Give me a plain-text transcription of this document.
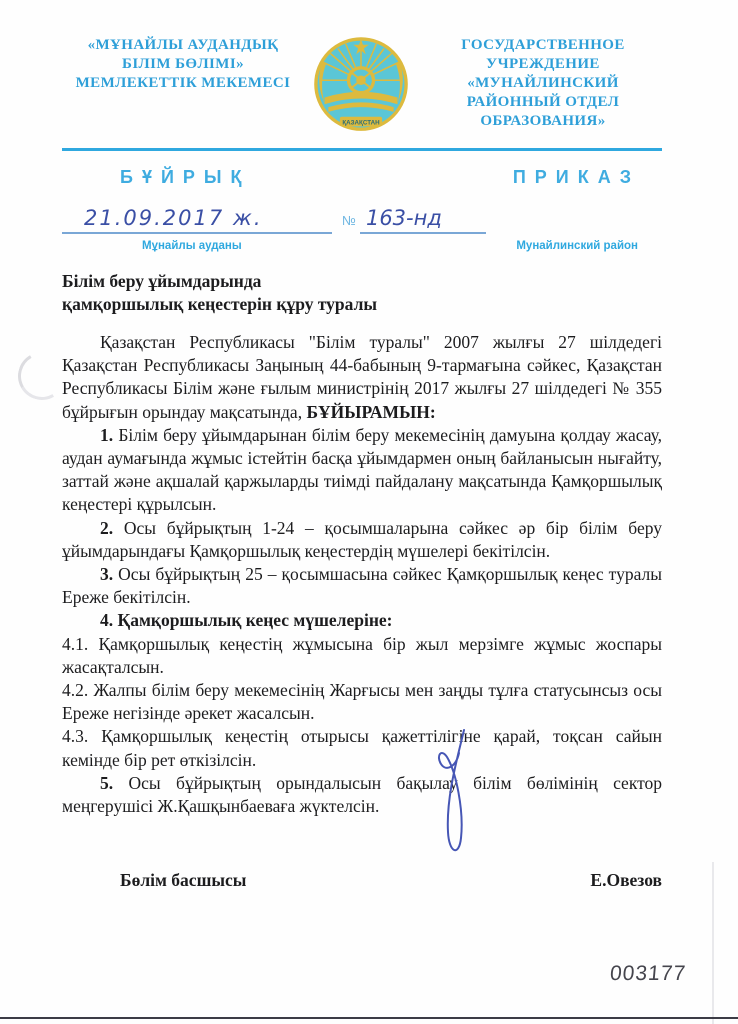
«МҰНАЙЛЫ АУДАНДЫҚ БІЛІМ БӨЛІМІ» МЕМЛЕКЕТТІК МЕКЕМЕСІ
ҚАЗАҚСТАН
ГОСУДАРСТВЕННОЕ УЧРЕЖДЕНИЕ «МУНАЙЛИНСКИЙ РАЙОННЫЙ ОТДЕЛ ОБРАЗОВАНИЯ»
БҰЙРЫҚ	ПРИКАЗ
21.09.2017 ж.	№ 163-нд
Мұнайлы ауданы	Мунайлинский район
Білім беру ұйымдарында
қамқоршылық кеңестерін құру туралы

Қазақстан Республикасы "Білім туралы" 2007 жылғы 27 шілдедегі Қазақстан Республикасы Заңының 44-бабының 9-тармағына сәйкес, Қазақстан Республикасы Білім және ғылым министрінің 2017 жылғы 27 шілдедегі № 355 бұйрығын орындау мақсатында, БҰЙЫРАМЫН:

1. Білім беру ұйымдарынан білім беру мекемесінің дамуына қолдау жасау, аудан аумағында жұмыс істейтін басқа ұйымдармен оның байланысын нығайту, заттай және ақшалай қаржыларды тиімді пайдалану мақсатында Қамқоршылық кеңестері құрылсын.

2. Осы бұйрықтың 1-24 – қосымшаларына сәйкес әр бір білім беру ұйымдарындағы Қамқоршылық кеңестердің мүшелері бекітілсін.

3. Осы бұйрықтың 25 – қосымшасына сәйкес Қамқоршылық кеңес туралы Ереже бекітілсін.

4. Қамқоршылық кеңес мүшелеріне:

4.1. Қамқоршылық кеңестің жұмысына бір жыл мерзімге жұмыс жоспары жасақталсын.

4.2. Жалпы білім беру мекемесінің Жарғысы мен заңды тұлға статусынсыз осы Ереже негізінде әрекет жасалсын.

4.3. Қамқоршылық кеңестің отырысы қажеттілігіне қарай, тоқсан сайын кемінде бір рет өткізілсін.

5. Осы бұйрықтың орындалысын бақылау білім бөлімінің сектор меңгерушісі Ж.Қашқынбаеваға жүктелсін.

Бөлім басшысы	Е.Овезов
003177
